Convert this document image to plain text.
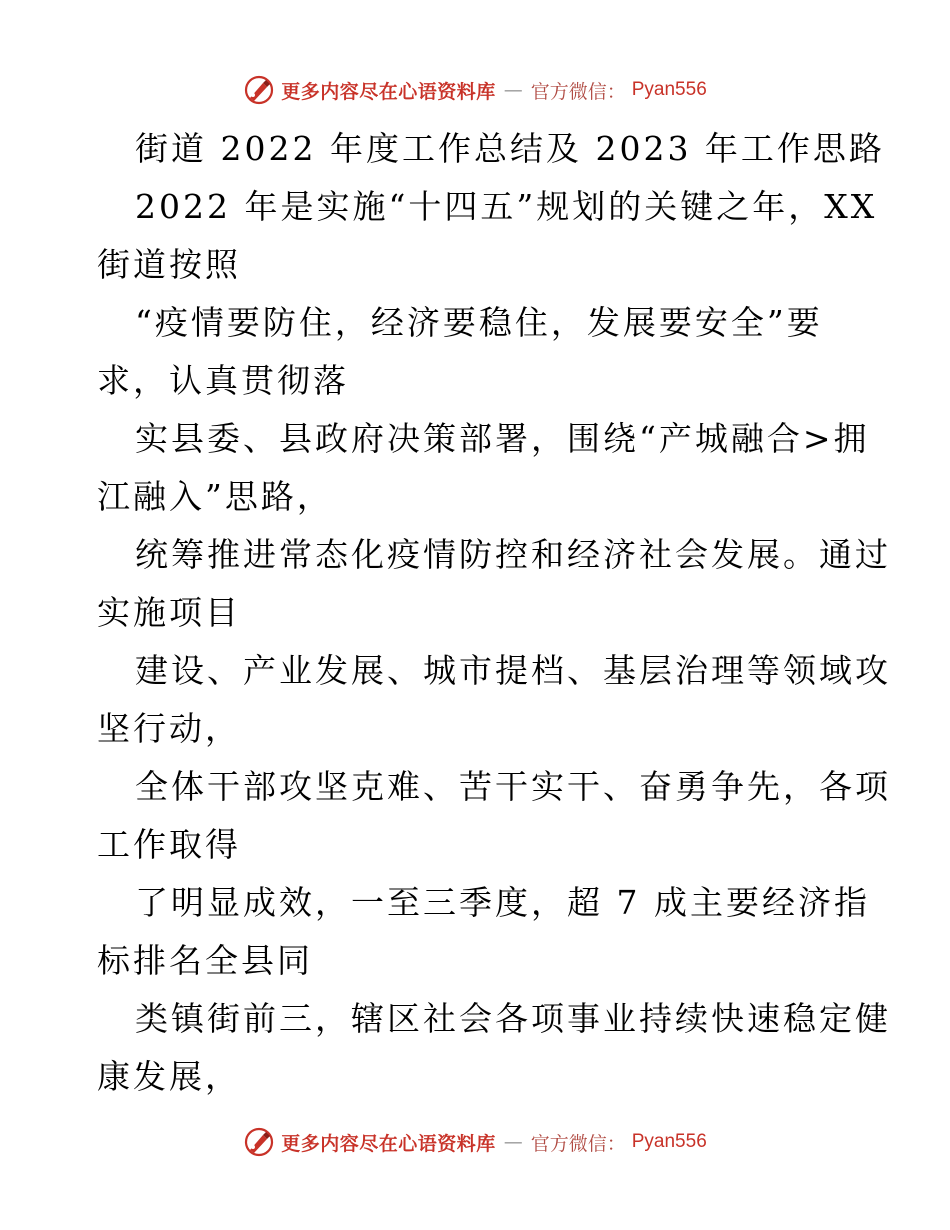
更多内容尽在心语资料库 — 官方微信： Pyan556
街道 2022 年度工作总结及 2023 年工作思路
2022 年是实施“十四五”规划的关键之年，XX
街道按照
“疫情要防住，经济要稳住，发展要安全”要
求，认真贯彻落
实县委、县政府决策部署，围绕“产城融合>拥
江融入”思路，
统筹推进常态化疫情防控和经济社会发展。通过
实施项目
建设、产业发展、城市提档、基层治理等领域攻
坚行动，
全体干部攻坚克难、苦干实干、奋勇争先，各项
工作取得
了明显成效，一至三季度，超 7 成主要经济指
标排名全县同
类镇街前三，辖区社会各项事业持续快速稳定健
康发展，
更多内容尽在心语资料库 — 官方微信： Pyan556
